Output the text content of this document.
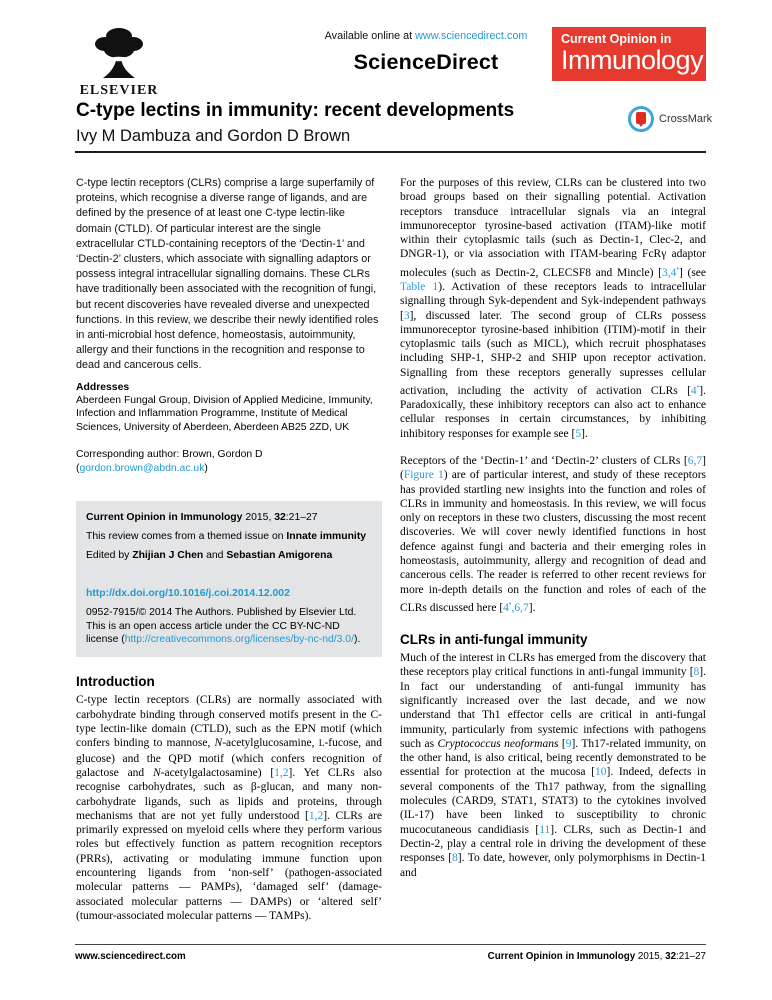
ELSEVIER
Available online at www.sciencedirect.com
ScienceDirect
Current Opinion in
Immunology
C-type lectins in immunity: recent developments
Ivy M Dambuza and Gordon D Brown
CrossMark

C-type lectin receptors (CLRs) comprise a large superfamily of proteins, which recognise a diverse range of ligands, and are defined by the presence of at least one C-type lectin-like domain (CTLD). Of particular interest are the single extracellular CTLD-containing receptors of the ‘Dectin-1’ and ‘Dectin-2’ clusters, which associate with signalling adaptors or possess integral intracellular signalling domains. These CLRs have traditionally been associated with the recognition of fungi, but recent discoveries have revealed diverse and unexpected functions. In this review, we describe their newly identified roles in anti-microbial host defence, homeostasis, autoimmunity, allergy and their functions in the recognition and response to dead and cancerous cells.

Addresses

Aberdeen Fungal Group, Division of Applied Medicine, Immunity, Infection and Inflammation Programme, Institute of Medical Sciences, University of Aberdeen, Aberdeen AB25 2ZD, UK

Corresponding author: Brown, Gordon D (gordon.brown@abdn.ac.uk)

Current Opinion in Immunology 2015, 32:21–27

This review comes from a themed issue on Innate immunity

Edited by Zhijian J Chen and Sebastian Amigorena

http://dx.doi.org/10.1016/j.coi.2014.12.002

0952-7915/© 2014 The Authors. Published by Elsevier Ltd. This is an open access article under the CC BY-NC-ND license (http://creativecommons.org/licenses/by-nc-nd/3.0/).

Introduction

C-type lectin receptors (CLRs) are normally associated with carbohydrate binding through conserved motifs present in the C-type lectin-like domain (CTLD), such as the EPN motif (which confers binding to mannose, N-acetylglucosamine, L-fucose, and glucose) and the QPD motif (which confers recognition of galactose and N-acetylgalactosamine) [1,2]. Yet CLRs also recognise carbohydrates, such as β-glucan, and many non-carbohydrate ligands, such as lipids and proteins, through mechanisms that are not yet fully understood [1,2]. CLRs are primarily expressed on myeloid cells where they perform various roles but effectively function as pattern recognition receptors (PRRs), activating or modulating immune function upon encountering ligands from ‘non-self’ (pathogen-associated molecular patterns — PAMPs), ‘damaged self’ (damage-associated molecular patterns — DAMPs) or ‘altered self’ (tumour-associated molecular patterns — TAMPs).

For the purposes of this review, CLRs can be clustered into two broad groups based on their signalling potential. Activation receptors transduce intracellular signals via an integral immunoreceptor tyrosine-based activation (ITAM)-like motif within their cytoplasmic tails (such as Dectin-1, Clec-2, and DNGR-1), or via association with ITAM-bearing FcRγ adaptor molecules (such as Dectin-2, CLECSF8 and Mincle) [3,4•] (see Table 1). Activation of these receptors leads to intracellular signalling through Syk-dependent and Syk-independent pathways [3], discussed later. The second group of CLRs possess immunoreceptor tyrosine-based inhibition (ITIM)-motif in their cytoplasmic tails (such as MICL), which recruit phosphatases including SHP-1, SHP-2 and SHIP upon receptor activation. Signalling from these receptors generally supresses cellular activation, including the activity of activation CLRs [4•]. Paradoxically, these inhibitory receptors can also act to enhance cellular responses in certain circumstances, by inhibiting inhibitory responses for example see [5].

Receptors of the ‘Dectin-1’ and ‘Dectin-2’ clusters of CLRs [6,7] (Figure 1) are of particular interest, and study of these receptors has provided startling new insights into the function and roles of CLRs in immunity and homeostasis. In this review, we will focus only on receptors in these two clusters, discussing the most recent discoveries. We will cover newly identified functions in host defence against fungi and bacteria and their emerging roles in homeostasis, autoimmunity, allergy and recognition of dead and cancerous cells. The reader is referred to other recent reviews for more in-depth details on the function and roles of each of the CLRs discussed here [4•,6,7].

CLRs in anti-fungal immunity

Much of the interest in CLRs has emerged from the discovery that these receptors play critical functions in anti-fungal immunity [8]. In fact our understanding of anti-fungal immunity has significantly increased over the last decade, and we now understand that Th1 effector cells are critical in anti-fungal immunity, particularly from systemic infections with pathogens such as Cryptococcus neoformans [9]. Th17-related immunity, on the other hand, is also critical, being recently demonstrated to be essential for protection at the mucosa [10]. Indeed, defects in several components of the Th17 pathway, from the signalling molecules (CARD9, STAT1, STAT3) to the cytokines involved (IL-17) have been linked to susceptibility to chronic mucocutaneous candidiasis [11]. CLRs, such as Dectin-1 and Dectin-2, play a central role in driving the development of these responses [8]. To date, however, only polymorphisms in Dectin-1 and

www.sciencedirect.com	Current Opinion in Immunology 2015, 32:21–27
